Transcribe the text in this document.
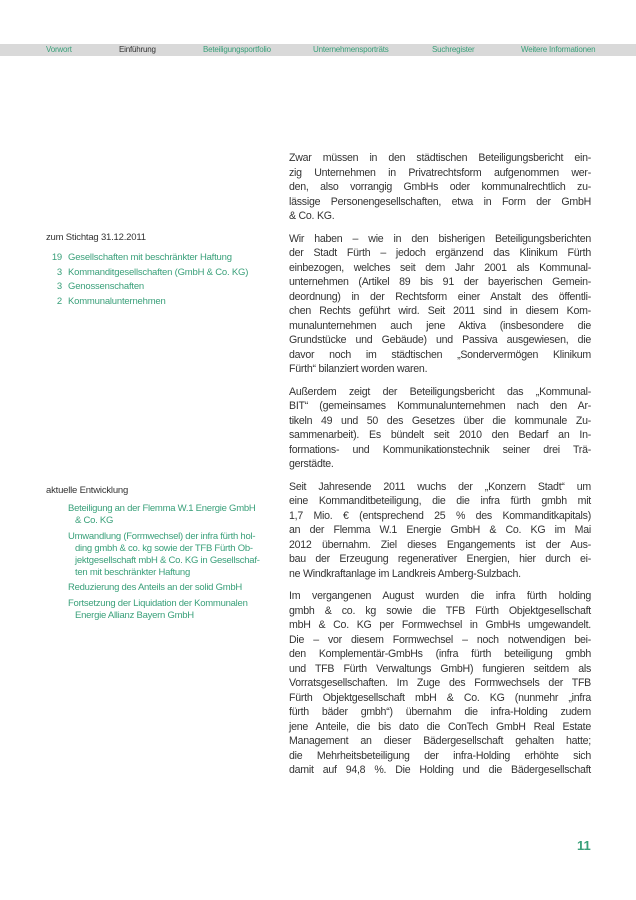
Vorwort	Einführung	Beteiligungsportfolio	Unternehmensporträts	Suchregister	Weitere Informationen
zum Stichtag 31.12.2011
19 Gesellschaften mit beschränkter Haftung
3 Kommanditgesellschaften (GmbH & Co. KG)
3 Genossenschaften
2 Kommunalunternehmen
aktuelle Entwicklung
Beteiligung an der Flemma W.1 Energie GmbH
& Co. KG
Umwandlung (Formwechsel) der infra fürth hol-
ding gmbh & co. kg sowie der TFB Fürth Ob-
jektgesellschaft mbH & Co. KG in Gesellschaf-
ten mit beschränkter Haftung
Reduzierung des Anteils an der solid GmbH
Fortsetzung der Liquidation der Kommunalen
Energie Allianz Bayern GmbH
Zwar müssen in den städtischen Beteiligungsbericht ein-
zig Unternehmen in Privatrechtsform aufgenommen wer-
den, also vorrangig GmbHs oder kommunalrechtlich zu-
lässige Personengesellschaften, etwa in Form der GmbH
& Co. KG.
Wir haben – wie in den bisherigen Beteiligungsberichten
der Stadt Fürth – jedoch ergänzend das Klinikum Fürth
einbezogen, welches seit dem Jahr 2001 als Kommunal-
unternehmen (Artikel 89 bis 91 der bayerischen Gemein-
deordnung) in der Rechtsform einer Anstalt des öffentli-
chen Rechts geführt wird. Seit 2011 sind in diesem Kom-
munalunternehmen auch jene Aktiva (insbesondere die
Grundstücke und Gebäude) und Passiva ausgewiesen, die
davor noch im städtischen „Sondervermögen Klinikum
Fürth“ bilanziert worden waren.
Außerdem zeigt der Beteiligungsbericht das „Kommunal-
BIT“ (gemeinsames Kommunalunternehmen nach den Ar-
tikeln 49 und 50 des Gesetzes über die kommunale Zu-
sammenarbeit). Es bündelt seit 2010 den Bedarf an In-
formations- und Kommunikationstechnik seiner drei Trä-
gerstädte.
Seit Jahresende 2011 wuchs der „Konzern Stadt“ um
eine Kommanditbeteiligung, die die infra fürth gmbh mit
1,7 Mio. € (entsprechend 25 % des Kommanditkapitals)
an der Flemma W.1 Energie GmbH & Co. KG im Mai
2012 übernahm. Ziel dieses Engangements ist der Aus-
bau der Erzeugung regenerativer Energien, hier durch ei-
ne Windkraftanlage im Landkreis Amberg-Sulzbach.
Im vergangenen August wurden die infra fürth holding
gmbh & co. kg sowie die TFB Fürth Objektgesellschaft
mbH & Co. KG per Formwechsel in GmbHs umgewandelt.
Die – vor diesem Formwechsel – noch notwendigen bei-
den Komplementär-GmbHs (infra fürth beteiligung gmbh
und TFB Fürth Verwaltungs GmbH) fungieren seitdem als
Vorratsgesellschaften. Im Zuge des Formwechsels der TFB
Fürth Objektgesellschaft mbH & Co. KG (nunmehr „infra
fürth bäder gmbh“) übernahm die infra-Holding zudem
jene Anteile, die bis dato die ConTech GmbH Real Estate
Management an dieser Bädergesellschaft gehalten hatte;
die Mehrheitsbeteiligung der infra-Holding erhöhte sich
damit auf 94,8 %. Die Holding und die Bädergesellschaft
11
